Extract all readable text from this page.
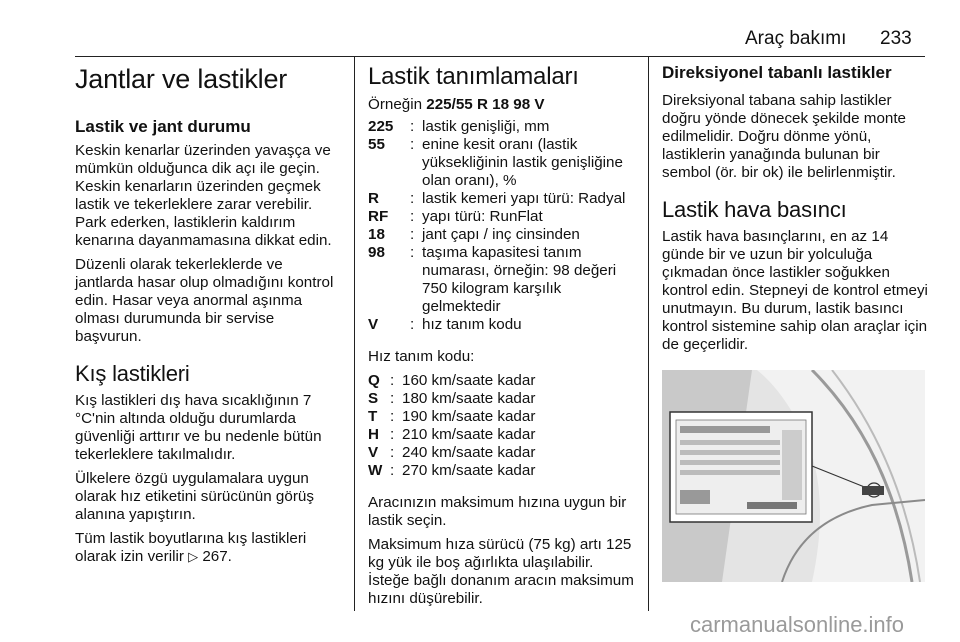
Araç bakımı 233
Jantlar ve lastikler
Lastik ve jant durumu

Keskin kenarlar üzerinden yavaşça ve mümkün olduğunca dik açı ile geçin. Keskin kenarların üzerinden geçmek lastik ve tekerleklere zarar verebilir. Park ederken, lastiklerin kaldırım kenarına dayanmamasına dikkat edin.

Düzenli olarak tekerleklerde ve jantlarda hasar olup olmadığını kontrol edin. Hasar veya anormal aşınma olması durumunda bir servise başvurun.

Kış lastikleri

Kış lastikleri dış hava sıcaklığının 7 °C'nin altında olduğu durumlarda güvenliği arttırır ve bu nedenle bütün tekerleklere takılmalıdır.

Ülkelere özgü uygulamalara uygun olarak hız etiketini sürücünün görüş alanına yapıştırın.

Tüm lastik boyutlarına kış lastikleri olarak izin verilir ▷ 267.

Lastik tanımlamaları

Örneğin 225/55 R 18 98 V

225	: lastik genişliği, mm
55	: enine kesit oranı (lastik yüksekliğinin lastik genişliğine olan oranı), %
R	: lastik kemeri yapı türü: Radyal
RF	: yapı türü: RunFlat
18	: jant çapı / inç cinsinden
98	: taşıma kapasitesi tanım numarası, örneğin: 98 değeri 750 kilogram karşılık gelmektedir
V	: hız tanım kodu

Hız tanım kodu:

Q : 160 km/saate kadar
S : 180 km/saate kadar
T : 190 km/saate kadar
H : 210 km/saate kadar
V : 240 km/saate kadar
W : 270 km/saate kadar

Aracınızın maksimum hızına uygun bir lastik seçin.

Maksimum hıza sürücü (75 kg) artı 125 kg yük ile boş ağırlıkta ulaşılabilir. İsteğe bağlı donanım aracın maksimum hızını düşürebilir.

Direksiyonel tabanlı lastikler

Direksiyonal tabana sahip lastikler doğru yönde dönecek şekilde monte edilmelidir. Doğru dönme yönü, lastiklerin yanağında bulunan bir sembol (ör. bir ok) ile belirlenmiştir.

Lastik hava basıncı

Lastik hava basınçlarını, en az 14 günde bir ve uzun bir yolculuğa çıkmadan önce lastikler soğukken kontrol edin. Stepneyi de kontrol etmeyi unutmayın. Bu durum, lastik basıncı kontrol sistemine sahip olan araçlar için de geçerlidir.

carmanualsonline.info
